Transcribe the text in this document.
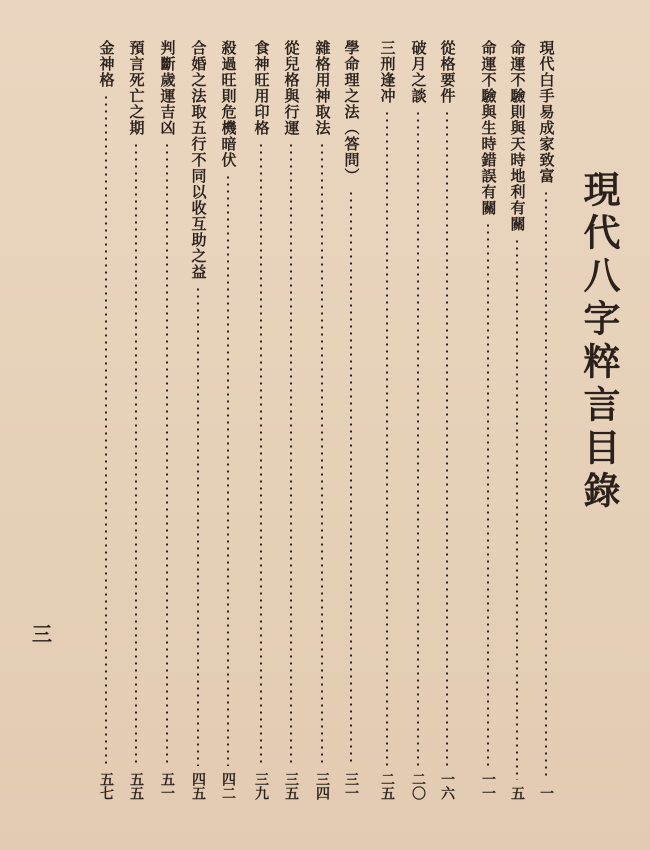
現代八字粹言目錄
現代白手易成家致富
一
命運不驗則與天時地利有關
五
命運不驗與生時錯誤有關
一一
從格要件
一六
破月之談
二〇
三刑逢冲
二五
學命理之法（答問）
三一
雜格用神取法
三四
從兒格與行運
三五
食神旺用印格
三九
殺過旺則危機暗伏
四二
合婚之法取五行不同以收互助之益
四五
判斷歲運吉凶
五一
預言死亡之期
五五
金神格
五七
三
